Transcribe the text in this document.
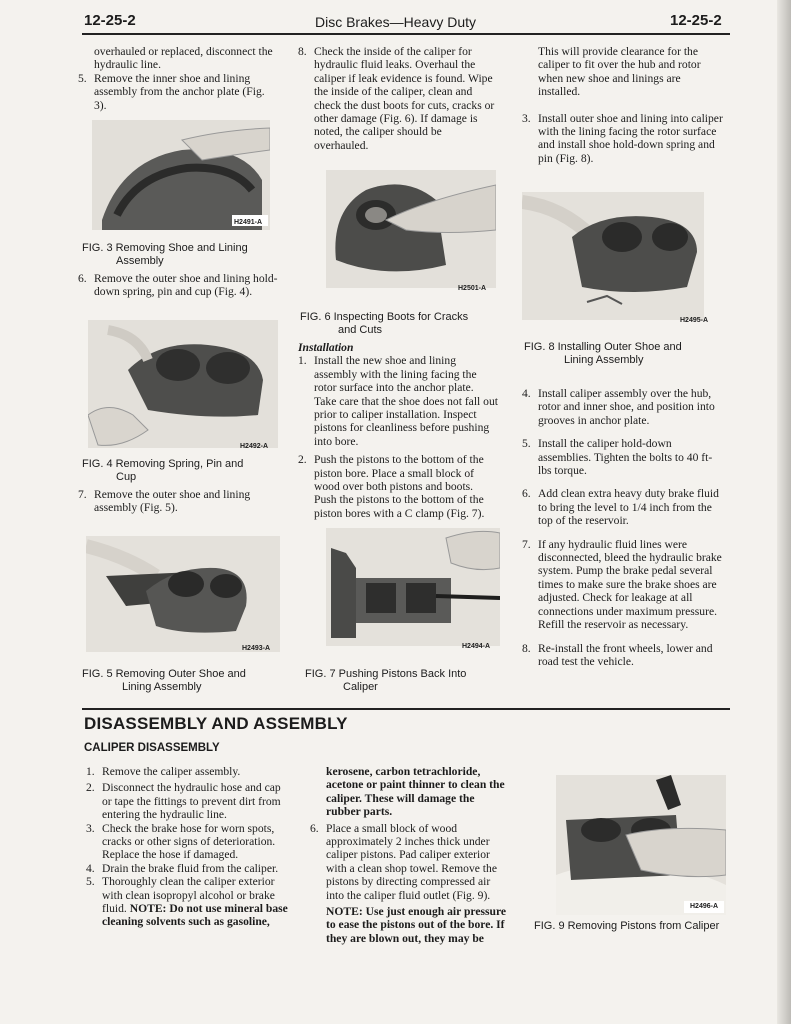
12-25-2	Disc Brakes—Heavy Duty	12-25-2

overhauled or replaced, disconnect the hydraulic line.

5. Remove the inner shoe and lining assembly from the anchor plate (Fig. 3).

H2491-A

FIG. 3 Removing Shoe and Lining

Assembly

6. Remove the outer shoe and lining hold-down spring, pin and cup (Fig. 4).

H2492-A

FIG. 4 Removing Spring, Pin and

Cup

7. Remove the outer shoe and lining assembly (Fig. 5).

H2493-A

FIG. 5 Removing Outer Shoe and

Lining Assembly

8. Check the inside of the caliper for hydraulic fluid leaks. Overhaul the caliper if leak evidence is found. Wipe the inside of the caliper, clean and check the dust boots for cuts, cracks or other damage (Fig. 6). If damage is noted, the caliper should be overhauled.

H2501-A

FIG. 6 Inspecting Boots for Cracks

and Cuts

Installation

1. Install the new shoe and lining assembly with the lining facing the rotor surface into the anchor plate. Take care that the shoe does not fall out prior to caliper installation. Inspect pistons for cleanliness before pushing into bore.

2. Push the pistons to the bottom of the piston bore. Place a small block of wood over both pistons and boots. Push the pistons to the bottom of the piston bores with a C clamp (Fig. 7).

H2494-A

FIG. 7 Pushing Pistons Back Into

Caliper

This will provide clearance for the caliper to fit over the hub and rotor when new shoe and linings are installed.

3. Install outer shoe and lining into caliper with the lining facing the rotor surface and install shoe hold-down spring and pin (Fig. 8).

H2495-A

FIG. 8 Installing Outer Shoe and

Lining Assembly

4. Install caliper assembly over the hub, rotor and inner shoe, and position into grooves in anchor plate.

5. Install the caliper hold-down assemblies. Tighten the bolts to 40 ft-lbs torque.

6. Add clean extra heavy duty brake fluid to bring the level to 1/4 inch from the top of the reservoir.

7. If any hydraulic fluid lines were disconnected, bleed the hydraulic brake system. Pump the brake pedal several times to make sure the brake shoes are adjusted. Check for leakage at all connections under maximum pressure. Refill the reservoir as necessary.

8. Re-install the front wheels, lower and road test the vehicle.

DISASSEMBLY AND ASSEMBLY
CALIPER DISASSEMBLY

1. Remove the caliper assembly.

2. Disconnect the hydraulic hose and cap or tape the fittings to prevent dirt from entering the hydraulic line.

3. Check the brake hose for worn spots, cracks or other signs of deterioration. Replace the hose if damaged.

4. Drain the brake fluid from the caliper.

5. Thoroughly clean the caliper exterior with clean isopropyl alcohol or brake fluid. NOTE: Do not use mineral base cleaning solvents such as gasoline,

kerosene, carbon tetrachloride, acetone or paint thinner to clean the caliper. These will damage the rubber parts.

6. Place a small block of wood approximately 2 inches thick under caliper pistons. Pad caliper exterior with a clean shop towel. Remove the pistons by directing compressed air into the caliper fluid outlet (Fig. 9).

NOTE: Use just enough air pressure to ease the pistons out of the bore. If they are blown out, they may be

H2496-A

FIG. 9 Removing Pistons from Caliper
